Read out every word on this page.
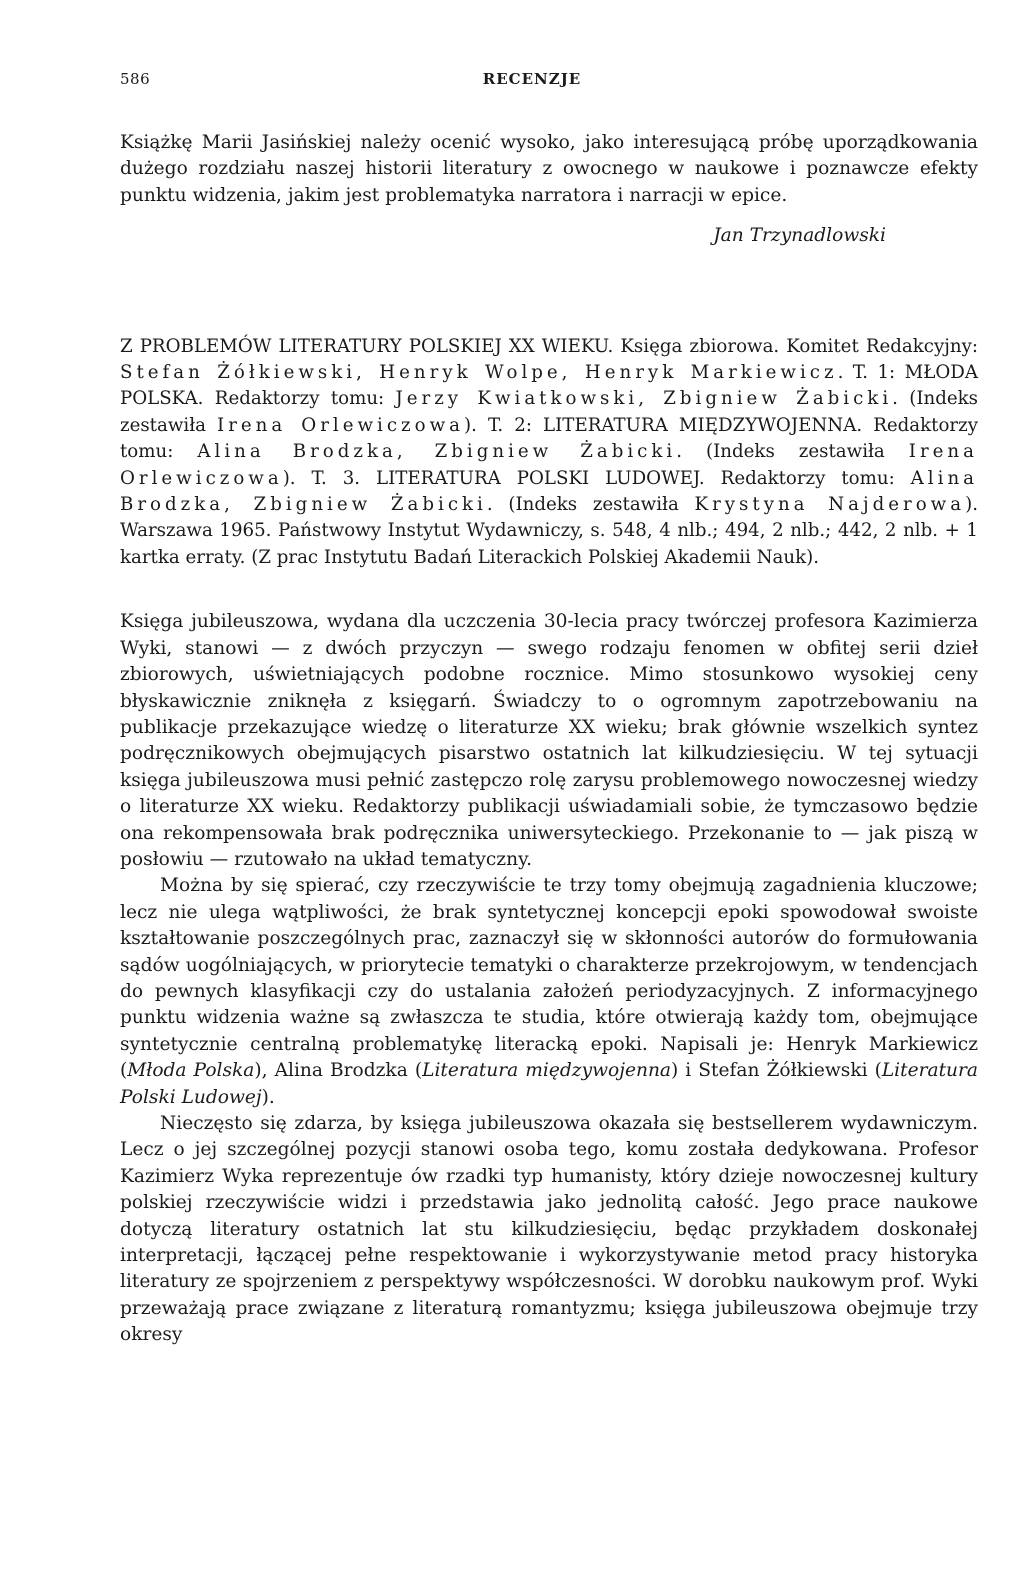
586	RECENZJE

Książkę Marii Jasińskiej należy ocenić wysoko, jako interesującą próbę uporządkowania dużego rozdziału naszej historii literatury z owocnego w naukowe i poznawcze efekty punktu widzenia, jakim jest problematyka narratora i narracji w epice.

Jan Trzynadlowski

Z PROBLEMÓW LITERATURY POLSKIEJ XX WIEKU. Księga zbiorowa. Komitet Redakcyjny: Stefan Żółkiewski, Henryk Wolpe, Henryk Markiewicz. T. 1: MŁODA POLSKA. Redaktorzy tomu: Jerzy Kwiatkowski, Zbigniew Żabicki. (Indeks zestawiła Irena Orlewiczowa). T. 2: LITERATURA MIĘDZYWOJENNA. Redaktorzy tomu: Alina Brodzka, Zbigniew Żabicki. (Indeks zestawiła Irena Orlewiczowa). T. 3. LITERATURA POLSKI LUDOWEJ. Redaktorzy tomu: Alina Brodzka, Zbigniew Żabicki. (Indeks zestawiła Krystyna Najderowa). Warszawa 1965. Państwowy Instytut Wydawniczy, s. 548, 4 nlb.; 494, 2 nlb.; 442, 2 nlb. + 1 kartka erraty. (Z prac Instytutu Badań Literackich Polskiej Akademii Nauk).

Księga jubileuszowa, wydana dla uczczenia 30-lecia pracy twórczej profesora Kazimierza Wyki, stanowi — z dwóch przyczyn — swego rodzaju fenomen w obfitej serii dzieł zbiorowych, uświetniających podobne rocznice. Mimo stosunkowo wysokiej ceny błyskawicznie zniknęła z księgarń. Świadczy to o ogromnym zapotrzebowaniu na publikacje przekazujące wiedzę o literaturze XX wieku; brak głównie wszelkich syntez podręcznikowych obejmujących pisarstwo ostatnich lat kilkudziesięciu. W tej sytuacji księga jubileuszowa musi pełnić zastępczo rolę zarysu problemowego nowoczesnej wiedzy o literaturze XX wieku. Redaktorzy publikacji uświadamiali sobie, że tymczasowo będzie ona rekompensowała brak podręcznika uniwersyteckiego. Przekonanie to — jak piszą w posłowiu — rzutowało na układ tematyczny.

Można by się spierać, czy rzeczywiście te trzy tomy obejmują zagadnienia kluczowe; lecz nie ulega wątpliwości, że brak syntetycznej koncepcji epoki spowodował swoiste kształtowanie poszczególnych prac, zaznaczył się w skłonności autorów do formułowania sądów uogólniających, w priorytecie tematyki o charakterze przekrojowym, w tendencjach do pewnych klasyfikacji czy do ustalania założeń periodyzacyjnych. Z informacyjnego punktu widzenia ważne są zwłaszcza te studia, które otwierają każdy tom, obejmujące syntetycznie centralną problematykę literacką epoki. Napisali je: Henryk Markiewicz (Młoda Polska), Alina Brodzka (Literatura międzywojenna) i Stefan Żółkiewski (Literatura Polski Ludowej).

Nieczęsto się zdarza, by księga jubileuszowa okazała się bestsellerem wydawniczym. Lecz o jej szczególnej pozycji stanowi osoba tego, komu została dedykowana. Profesor Kazimierz Wyka reprezentuje ów rzadki typ humanisty, który dzieje nowoczesnej kultury polskiej rzeczywiście widzi i przedstawia jako jednolitą całość. Jego prace naukowe dotyczą literatury ostatnich lat stu kilkudziesięciu, będąc przykładem doskonałej interpretacji, łączącej pełne respektowanie i wykorzystywanie metod pracy historyka literatury ze spojrzeniem z perspektywy współczesności. W dorobku naukowym prof. Wyki przeważają prace związane z literaturą romantyzmu; księga jubileuszowa obejmuje trzy okresy
